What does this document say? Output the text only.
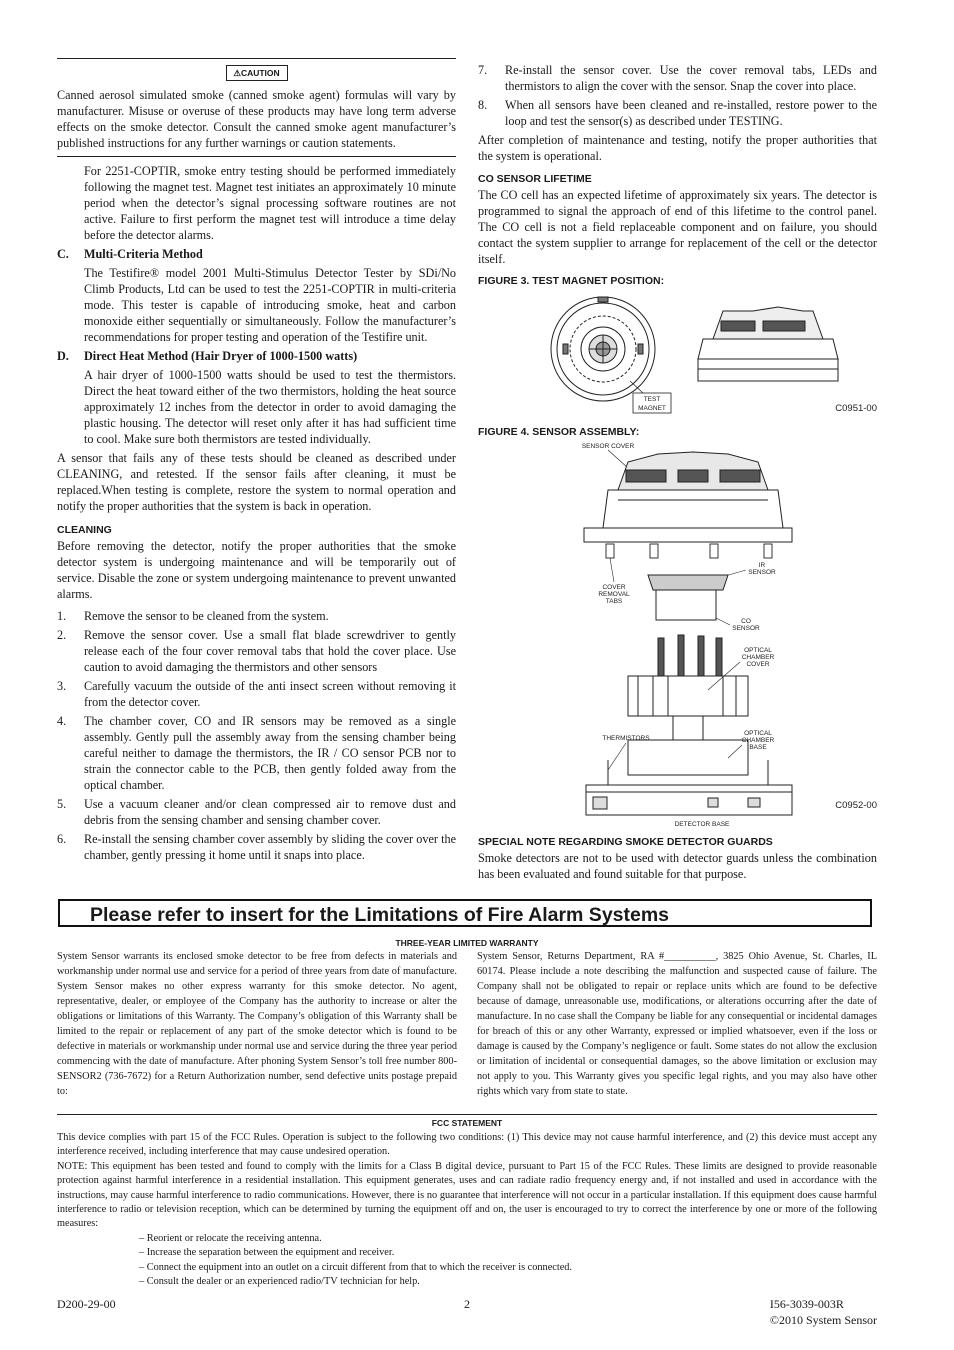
⚠CAUTION

Canned aerosol simulated smoke (canned smoke agent) formulas will vary by manufacturer. Misuse or overuse of these products may have long term adverse effects on the smoke detector. Consult the canned smoke agent manufacturer’s published instructions for any further warnings or caution statements.

For 2251-COPTIR, smoke entry testing should be performed immediately following the magnet test. Magnet test initiates an approximately 10 minute period when the detector’s signal processing software routines are not active. Failure to first perform the magnet test will introduce a time delay before the detector alarms.

C.	Multi-Criteria Method

The Testifire® model 2001 Multi-Stimulus Detector Tester by SDi/No Climb Products, Ltd can be used to test the 2251-COPTIR in multi-criteria mode. This tester is capable of introducing smoke, heat and carbon monoxide either sequentially or simultaneously. Follow the manufacturer’s recommendations for proper testing and operation of the Testifire unit.

D.	Direct Heat Method (Hair Dryer of 1000-1500 watts)

A hair dryer of 1000-1500 watts should be used to test the thermistors. Direct the heat toward either of the two thermistors, holding the heat source approximately 12 inches from the detector in order to avoid damaging the plastic housing. The detector will reset only after it has had sufficient time to cool. Make sure both thermistors are tested individually.

A sensor that fails any of these tests should be cleaned as described under CLEANING, and retested. If the sensor fails after cleaning, it must be replaced.When testing is complete, restore the system to normal operation and notify the proper authorities that the system is back in operation.

CLEANING

Before removing the detector, notify the proper authorities that the smoke detector system is undergoing maintenance and will be temporarily out of service. Disable the zone or system undergoing maintenance to prevent unwanted alarms.

1.	Remove the sensor to be cleaned from the system.
2.	Remove the sensor cover. Use a small flat blade screwdriver to gently release each of the four cover removal tabs that hold the cover place. Use caution to avoid damaging the thermistors and other sensors
3.	Carefully vacuum the outside of the anti insect screen without removing it from the detector cover.
4.	The chamber cover, CO and IR sensors may be removed as a single assembly. Gently pull the assembly away from the sensing chamber being careful neither to damage the thermistors, the IR / CO sensor PCB nor to strain the connector cable to the PCB, then gently folded away from the optical chamber.
5.	Use a vacuum cleaner and/or clean compressed air to remove dust and debris from the sensing chamber and sensing chamber cover.
6.	Re-install the sensing chamber cover assembly by sliding the cover over the chamber, gently pressing it home until it snaps into place.
7.	Re-install the sensor cover. Use the cover removal tabs, LEDs and thermistors to align the cover with the sensor. Snap the cover into place.
8.	When all sensors have been cleaned and re-installed, restore power to the loop and test the sensor(s) as described under TESTING.

After completion of maintenance and testing, notify the proper authorities that the system is operational.

CO SENSOR LIFETIME

The CO cell has an expected lifetime of approximately six years. The detector is programmed to signal the approach of end of this lifetime to the control panel. The CO cell is not a field replaceable component and on failure, you should contact the system supplier to arrange for replacement of the cell or the detector itself.

FIGURE 3. TEST MAGNET POSITION:
TEST
MAGNET	C0951-00
FIGURE 4. SENSOR ASSEMBLY:
SENSOR COVER
IR
SENSOR
COVER
REMOVAL
TABS
CO
SENSOR
OPTICAL
CHAMBER
COVER
THERMISTORS
OPTICAL
CHAMBER
BASE
DETECTOR BASE
C0952-00
SPECIAL NOTE REGARDING SMOKE DETECTOR GUARDS

Smoke detectors are not to be used with detector guards unless the combination has been evaluated and found suitable for that purpose.

Please refer to insert for the Limitations of Fire Alarm Systems
THREE-YEAR LIMITED WARRANTY
System Sensor warrants its enclosed smoke detector to be free from defects in materials and workmanship under normal use and service for a period of three years from date of manufacture. System Sensor makes no other express warranty for this smoke detector. No agent, representative, dealer, or employee of the Company has the authority to increase or alter the obligations or limitations of this Warranty. The Company’s obligation of this Warranty shall be limited to the repair or replacement of any part of the smoke detector which is found to be defective in materials or workmanship under normal use and service during the three year period commencing with the date of manufacture. After phoning System Sensor’s toll free number 800-SENSOR2 (736-7672) for a Return Authorization number, send defective units postage prepaid to:
System Sensor, Returns Department, RA #__________, 3825 Ohio Avenue, St. Charles, IL 60174. Please include a note describing the malfunction and suspected cause of failure. The Company shall not be obligated to repair or replace units which are found to be defective because of damage, unreasonable use, modifications, or alterations occurring after the date of manufacture. In no case shall the Company be liable for any consequential or incidental damages for breach of this or any other Warranty, expressed or implied whatsoever, even if the loss or damage is caused by the Company’s negligence or fault. Some states do not allow the exclusion or limitation of incidental or consequential damages, so the above limitation or exclusion may not apply to you. This Warranty gives you specific legal rights, and you may also have other rights which vary from state to state.
FCC STATEMENT

This device complies with part 15 of the FCC Rules. Operation is subject to the following two conditions: (1) This device may not cause harmful interference, and (2) this device must accept any interference received, including interference that may cause undesired operation.

NOTE: This equipment has been tested and found to comply with the limits for a Class B digital device, pursuant to Part 15 of the FCC Rules. These limits are designed to provide reasonable protection against harmful interference in a residential installation. This equipment generates, uses and can radiate radio frequency energy and, if not installed and used in accordance with the instructions, may cause harmful interference to radio communications. However, there is no guarantee that interference will not occur in a particular installation. If this equipment does cause harmful interference to radio or television reception, which can be determined by turning the equipment off and on, the user is encouraged to try to correct the interference by one or more of the following measures:

– Reorient or relocate the receiving antenna.

– Increase the separation between the equipment and receiver.

– Connect the equipment into an outlet on a circuit different from that to which the receiver is connected.

– Consult the dealer or an experienced radio/TV technician for help.

D200-29-00	2	I56-3039-003R
©2010 System Sensor
